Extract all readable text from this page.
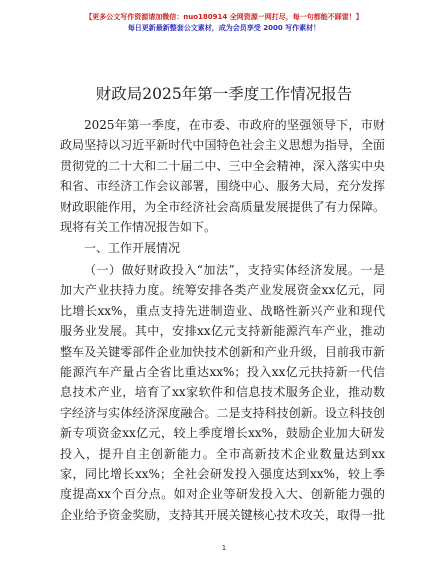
【更多公文写作资源请加微信：nuo180914 全网资源一网打尽，每一句都能不踩雷！】
每日更新最新整套公文素材，成为会员享受 2000 写作素材！
财政局2025年第一季度工作情况报告
2025年第一季度，在市委、市政府的坚强领导下，市财
政局坚持以习近平新时代中国特色社会主义思想为指导，全面
贯彻党的二十大和二十届二中、三中全会精神，深入落实中央
和省、市经济工作会议部署，围绕中心、服务大局，充分发挥
财政职能作用，为全市经济社会高质量发展提供了有力保障。
现将有关工作情况报告如下。
一、工作开展情况
（一）做好财政投入“加法”，支持实体经济发展。一是
加大产业扶持力度。统筹安排各类产业发展资金xx亿元，同
比增长xx%，重点支持先进制造业、战略性新兴产业和现代
服务业发展。其中，安排xx亿元支持新能源汽车产业，推动
整车及关键零部件企业加快技术创新和产业升级，目前我市新
能源汽车产量占全省比重达xx%；投入xx亿元扶持新一代信
息技术产业，培育了xx家软件和信息技术服务企业，推动数
字经济与实体经济深度融合。二是支持科技创新。设立科技创
新专项资金xx亿元，较上季度增长xx%，鼓励企业加大研发
投入，提升自主创新能力。全市高新技术企业数量达到xx
家，同比增长xx%；全社会研发投入强度达到xx%，较上季
度提高xx个百分点。如对企业等研发投入大、创新能力强的
企业给予资金奖励，支持其开展关键核心技术攻关，取得一批
1
